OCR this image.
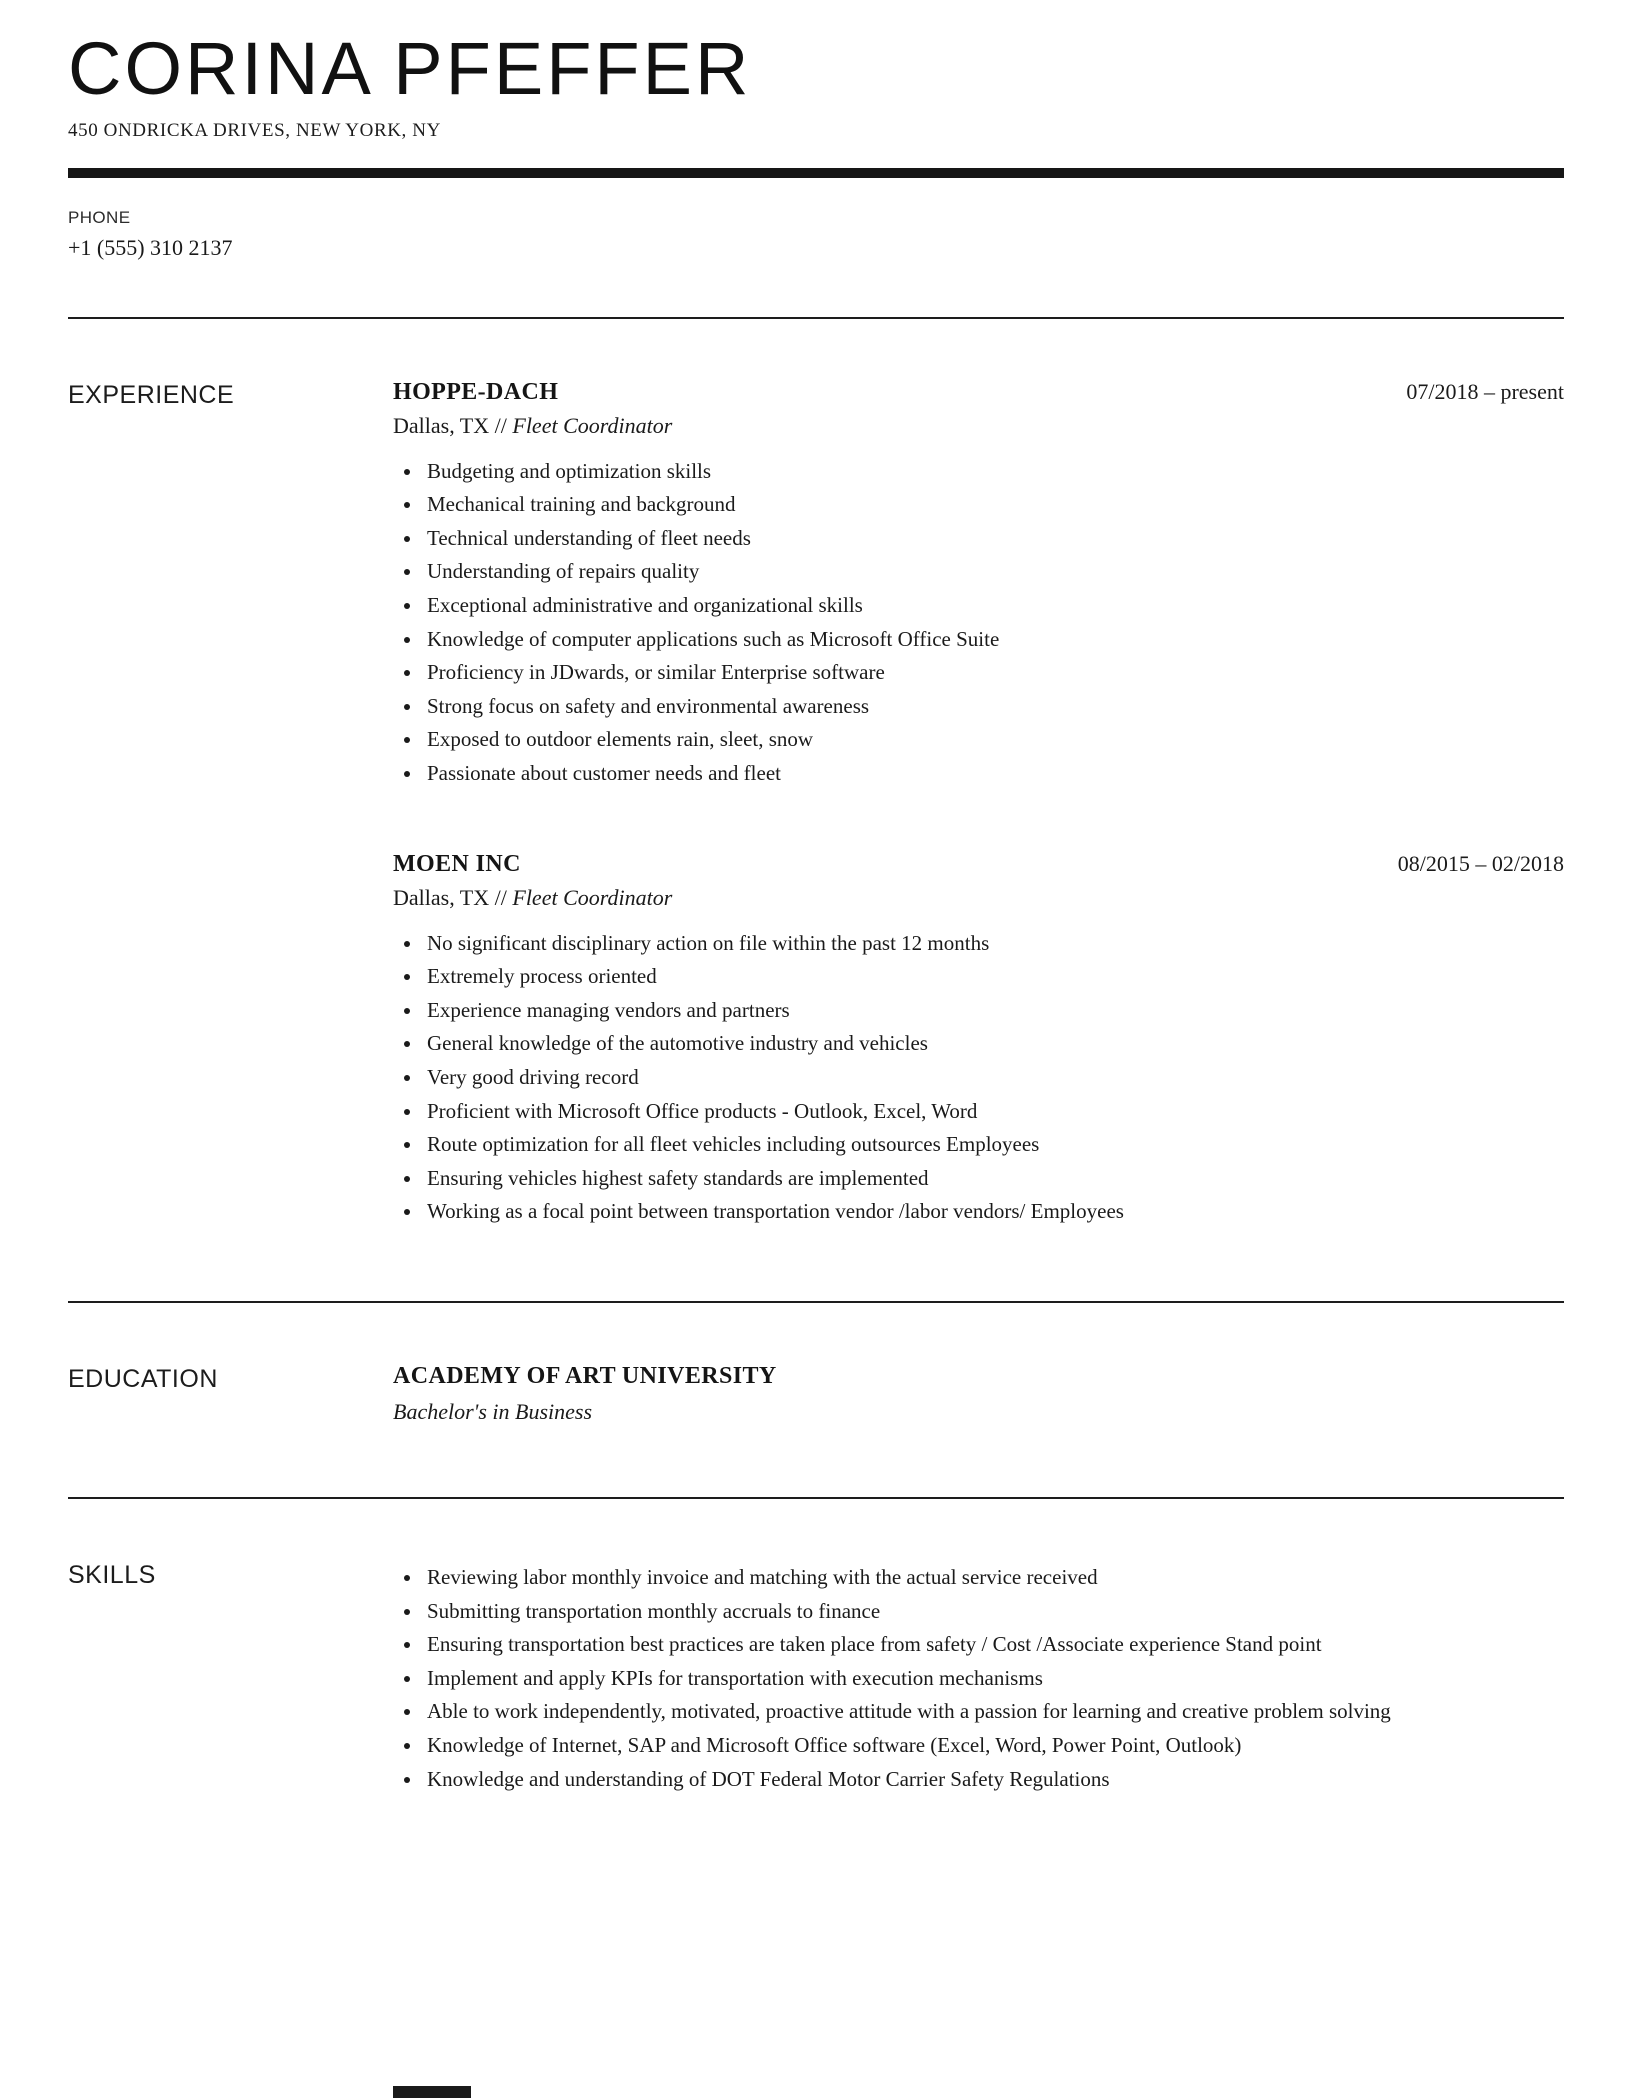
CORINA PFEFFER
450 ONDRICKA DRIVES, NEW YORK, NY
PHONE
+1 (555) 310 2137
EXPERIENCE	HOPPE-DACH	07/2018 – present
Dallas, TX // Fleet Coordinator
• Budgeting and optimization skills
• Mechanical training and background
• Technical understanding of fleet needs
• Understanding of repairs quality
• Exceptional administrative and organizational skills
• Knowledge of computer applications such as Microsoft Office Suite
• Proficiency in JDwards, or similar Enterprise software
• Strong focus on safety and environmental awareness
• Exposed to outdoor elements rain, sleet, snow
• Passionate about customer needs and fleet
MOEN INC	08/2015 – 02/2018
Dallas, TX // Fleet Coordinator
• No significant disciplinary action on file within the past 12 months
• Extremely process oriented
• Experience managing vendors and partners
• General knowledge of the automotive industry and vehicles
• Very good driving record
• Proficient with Microsoft Office products - Outlook, Excel, Word
• Route optimization for all fleet vehicles including outsources Employees
• Ensuring vehicles highest safety standards are implemented
• Working as a focal point between transportation vendor /labor vendors/ Employees
EDUCATION	ACADEMY OF ART UNIVERSITY
Bachelor's in Business
SKILLS	• Reviewing labor monthly invoice and matching with the actual service received
• Submitting transportation monthly accruals to finance
• Ensuring transportation best practices are taken place from safety / Cost /Associate experience Stand point
• Implement and apply KPIs for transportation with execution mechanisms
• Able to work independently, motivated, proactive attitude with a passion for learning and creative problem solving
• Knowledge of Internet, SAP and Microsoft Office software (Excel, Word, Power Point, Outlook)
• Knowledge and understanding of DOT Federal Motor Carrier Safety Regulations
